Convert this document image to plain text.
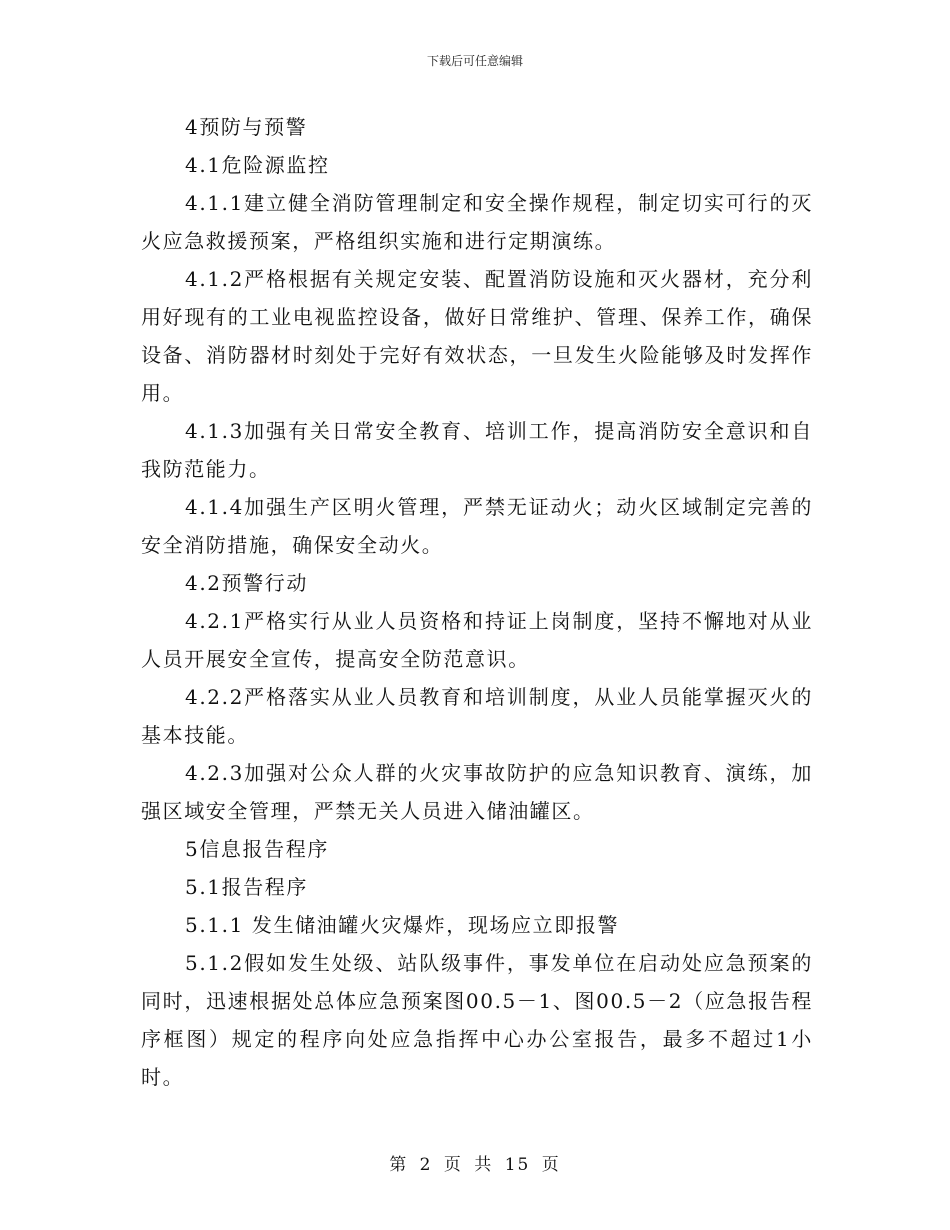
下载后可任意编辑

4预防与预警

4.1危险源监控

4.1.1建立健全消防管理制定和安全操作规程，制定切实可行的灭火应急救援预案，严格组织实施和进行定期演练。

4.1.2严格根据有关规定安装、配置消防设施和灭火器材，充分利用好现有的工业电视监控设备，做好日常维护、管理、保养工作，确保设备、消防器材时刻处于完好有效状态，一旦发生火险能够及时发挥作用。

4.1.3加强有关日常安全教育、培训工作，提高消防安全意识和自我防范能力。

4.1.4加强生产区明火管理，严禁无证动火；动火区域制定完善的安全消防措施，确保安全动火。

4.2预警行动

4.2.1严格实行从业人员资格和持证上岗制度，坚持不懈地对从业人员开展安全宣传，提高安全防范意识。

4.2.2严格落实从业人员教育和培训制度，从业人员能掌握灭火的基本技能。

4.2.3加强对公众人群的火灾事故防护的应急知识教育、演练，加强区域安全管理，严禁无关人员进入储油罐区。

5信息报告程序

5.1报告程序

5.1.1 发生储油罐火灾爆炸，现场应立即报警

5.1.2假如发生处级、站队级事件，事发单位在启动处应急预案的同时，迅速根据处总体应急预案图00.5－1、图00.5－2（应急报告程序框图）规定的程序向处应急指挥中心办公室报告，最多不超过1小时。

第 2 页 共 15 页
